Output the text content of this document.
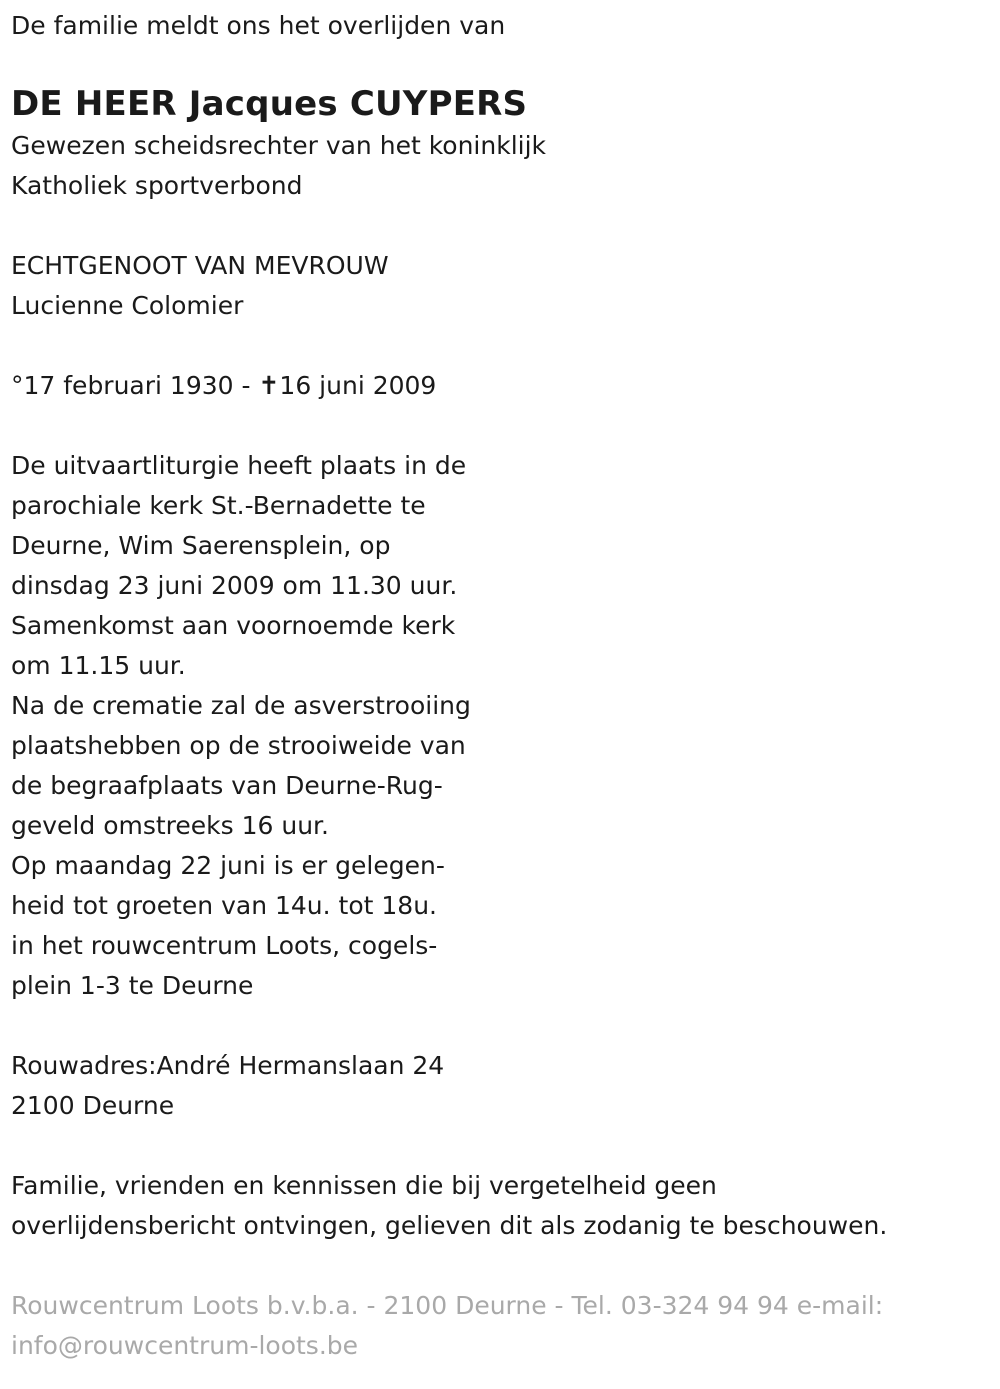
De familie meldt ons het overlijden van
DE HEER Jacques CUYPERS
Gewezen scheidsrechter van het koninklijk
Katholiek sportverbond
ECHTGENOOT VAN MEVROUW
Lucienne Colomier
°17 februari 1930 - ✝16 juni 2009
De uitvaartliturgie heeft plaats in de
parochiale kerk St.-Bernadette te
Deurne, Wim Saerensplein, op
dinsdag 23 juni 2009 om 11.30 uur.
Samenkomst aan voornoemde kerk
om 11.15 uur.
Na de crematie zal de asverstrooiing
plaatshebben op de strooiweide van
de begraafplaats van Deurne-Rug-
geveld omstreeks 16 uur.
Op maandag 22 juni is er gelegen-
heid tot groeten van 14u. tot 18u.
in het rouwcentrum Loots, cogels-
plein 1-3 te Deurne
Rouwadres:André Hermanslaan 24
2100 Deurne
Familie, vrienden en kennissen die bij vergetelheid geen
overlijdensbericht ontvingen, gelieven dit als zodanig te beschouwen.
Rouwcentrum Loots b.v.b.a. - 2100 Deurne - Tel. 03-324 94 94 e-mail:
info@rouwcentrum-loots.be
